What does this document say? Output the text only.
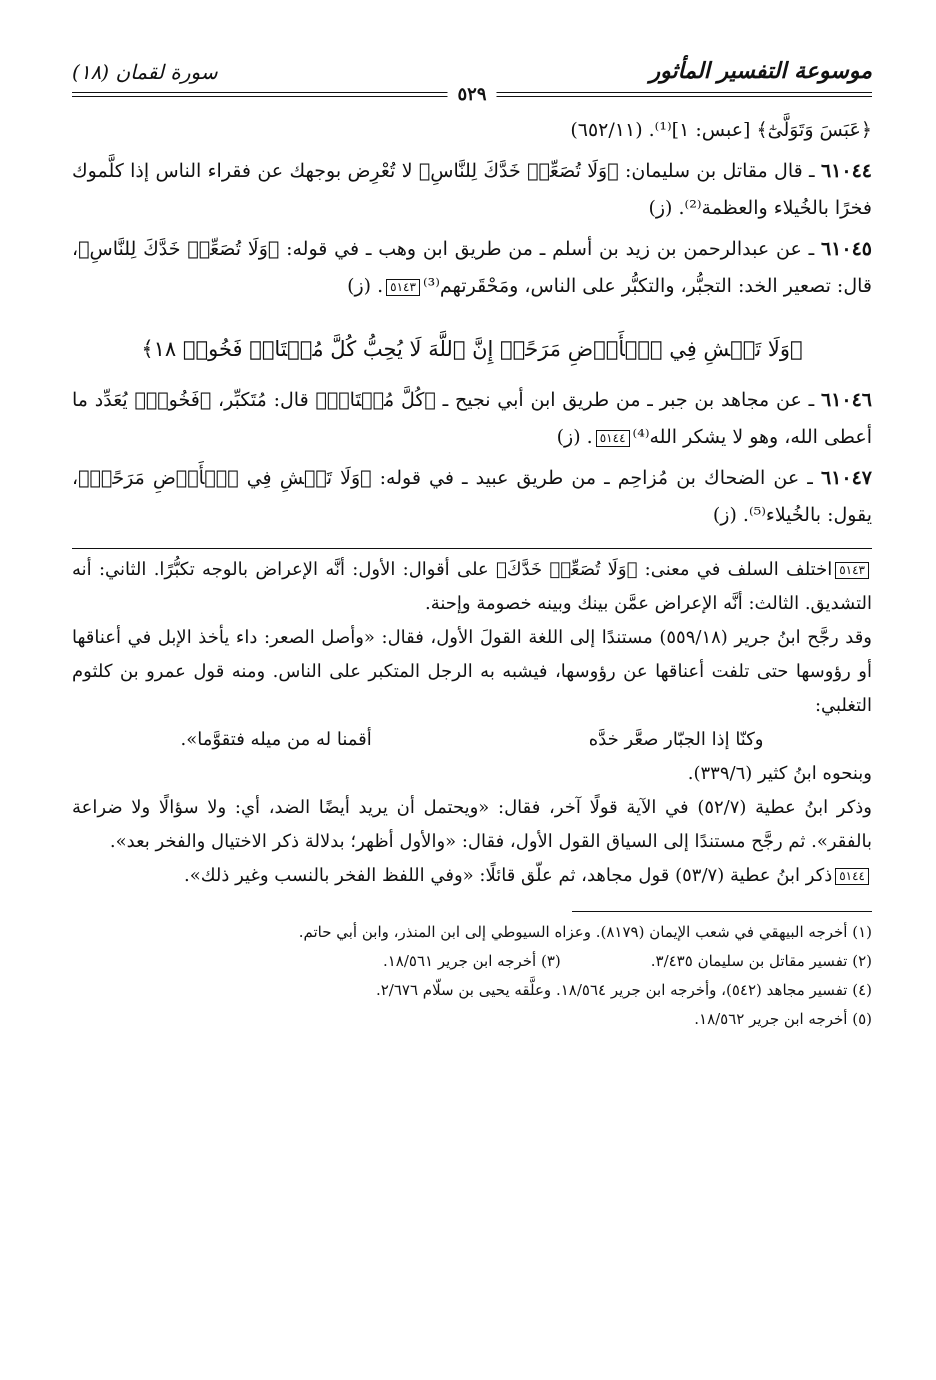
موسوعة التفسير المأثور
سورة لقمان (١٨)
٥٢٩

﴿عَبَسَ وَتَوَلَّىٰٓ﴾ [عبس: ١]⁽¹⁾. (٦٥٢/١١)

٦١٠٤٤ ـ قال مقاتل بن سليمان: ﴿وَلَا تُصَعِّرۡ خَدَّكَ لِلنَّاسِ﴾ لا تُعْرِض بوجهك عن فقراء الناس إذا كلَّموك فخرًا بالخُيلاء والعظمة⁽²⁾. (ز)

٦١٠٤٥ ـ عن عبدالرحمن بن زيد بن أسلم ـ من طريق ابن وهب ـ في قوله: ﴿وَلَا تُصَعِّرۡ خَدَّكَ لِلنَّاسِ﴾، قال: تصعير الخد: التجبُّر، والتكبُّر على الناس، ومَحْقَرتهم⁽³⁾٥١٤٣. (ز)

﴿وَلَا تَمۡشِ فِي ٱلۡأَرۡضِ مَرَحًاۖ إِنَّ ٱللَّهَ لَا يُحِبُّ كُلَّ مُخۡتَالٖ فَخُورٖ ١٨﴾

٦١٠٤٦ ـ عن مجاهد بن جبر ـ من طريق ابن أبي نجيح ـ ﴿كُلَّ مُخۡتَالٖ﴾ قال: مُتَكبِّر، ﴿فَخُورٖ﴾ يُعَدِّد ما أعطى الله، وهو لا يشكر الله⁽⁴⁾٥١٤٤. (ز)

٦١٠٤٧ ـ عن الضحاك بن مُزاحِم ـ من طريق عبيد ـ في قوله: ﴿وَلَا تَمۡشِ فِي ٱلۡأَرۡضِ مَرَحًاۖ﴾، يقول: بالخُيلاء⁽⁵⁾. (ز)

٥١٤٣اختلف السلف في معنى: ﴿وَلَا تُصَعِّرۡ خَدَّكَ﴾ على أقوال: الأول: أنَّه الإعراض بالوجه تكبُّرًا. الثاني: أنه التشديق. الثالث: أنَّه الإعراض عمَّن بينك وبينه خصومة وإحنة.

وقد رجَّح ابنُ جرير (٥٥٩/١٨) مستندًا إلى اللغة القولَ الأول، فقال: «وأصل الصعر: داء يأخذ الإبل في أعناقها أو رؤوسها حتى تلفت أعناقها عن رؤوسها، فيشبه به الرجل المتكبر على الناس. ومنه قول عمرو بن كلثوم التغلبي:

وكنّا إذا الجبّار صعَّر خدَّه
أقمنا له من ميله فتقوَّما».

وبنحوه ابنُ كثير (٣٣٩/٦).

وذكر ابنُ عطية (٥٢/٧) في الآية قولًا آخر، فقال: «ويحتمل أن يريد أيضًا الضد، أي: ولا سؤالًا ولا ضراعة بالفقر». ثم رجَّح مستندًا إلى السياق القول الأول، فقال: «والأول أظهر؛ بدلالة ذكر الاختيال والفخر بعد».

٥١٤٤ذكر ابنُ عطية (٥٣/٧) قول مجاهد، ثم علّق قائلًا: «وفي اللفظ الفخر بالنسب وغير ذلك».

(١) أخرجه البيهقي في شعب الإيمان (٨١٧٩). وعزاه السيوطي إلى ابن المنذر، وابن أبي حاتم.

(٢) تفسير مقاتل بن سليمان ٣/٤٣٥.
(٣) أخرجه ابن جرير ١٨/٥٦١.

(٤) تفسير مجاهد (٥٤٢)، وأخرجه ابن جرير ١٨/٥٦٤. وعلَّقه يحيى بن سلّام ٢/٦٧٦.

(٥) أخرجه ابن جرير ١٨/٥٦٢.
